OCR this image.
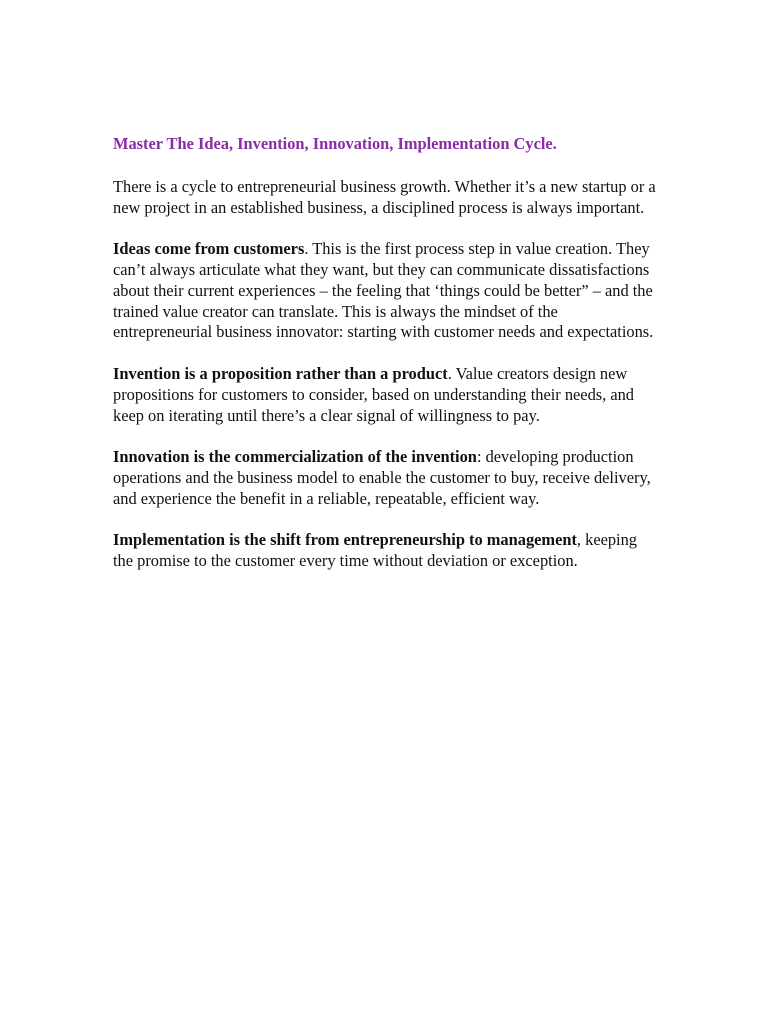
Master The Idea, Invention, Innovation, Implementation Cycle.

There is a cycle to entrepreneurial business growth. Whether it’s a new startup or a new project in an established business, a disciplined process is always important.

Ideas come from customers. This is the first process step in value creation. They can’t always articulate what they want, but they can communicate dissatisfactions about their current experiences – the feeling that ‘things could be better” – and the trained value creator can translate. This is always the mindset of the entrepreneurial business innovator: starting with customer needs and expectations.

Invention is a proposition rather than a product. Value creators design new propositions for customers to consider, based on understanding their needs, and keep on iterating until there’s a clear signal of willingness to pay.

Innovation is the commercialization of the invention: developing production operations and the business model to enable the customer to buy, receive delivery, and experience the benefit in a reliable, repeatable, efficient way.

Implementation is the shift from entrepreneurship to management, keeping the promise to the customer every time without deviation or exception.
